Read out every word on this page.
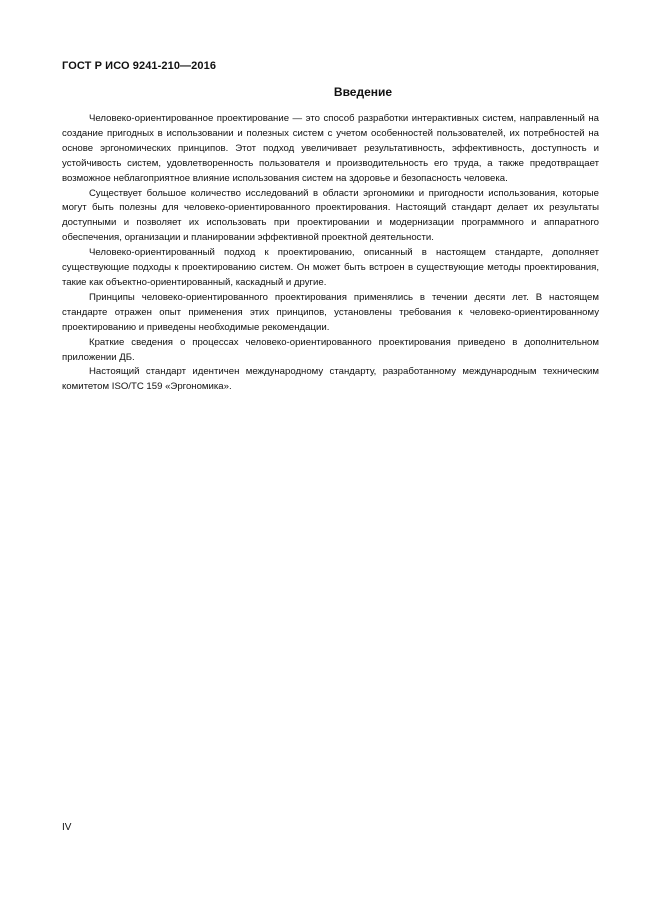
ГОСТ Р ИСО 9241-210—2016
Введение

Человеко-ориентированное проектирование — это способ разработки интерактивных систем, направленный на создание пригодных в использовании и полезных систем с учетом особенностей пользователей, их потребностей на основе эргономических принципов. Этот подход увеличивает результативность, эффективность, доступность и устойчивость систем, удовлетворенность пользователя и производительность его труда, а также предотвращает возможное неблагоприятное влияние использования систем на здоровье и безопасность человека.

Существует большое количество исследований в области эргономики и пригодности использования, которые могут быть полезны для человеко-ориентированного проектирования. Настоящий стандарт делает их результаты доступными и позволяет их использовать при проектировании и модернизации программного и аппаратного обеспечения, организации и планировании эффективной проектной деятельности.

Человеко-ориентированный подход к проектированию, описанный в настоящем стандарте, дополняет существующие подходы к проектированию систем. Он может быть встроен в существующие методы проектирования, такие как объектно-ориентированный, каскадный и другие.

Принципы человеко-ориентированного проектирования применялись в течении десяти лет. В настоящем стандарте отражен опыт применения этих принципов, установлены требования к человеко-ориентированному проектированию и приведены необходимые рекомендации.

Краткие сведения о процессах человеко-ориентированного проектирования приведено в дополнительном приложении ДБ.

Настоящий стандарт идентичен международному стандарту, разработанному международным техническим комитетом ISO/TC 159 «Эргономика».

IV
